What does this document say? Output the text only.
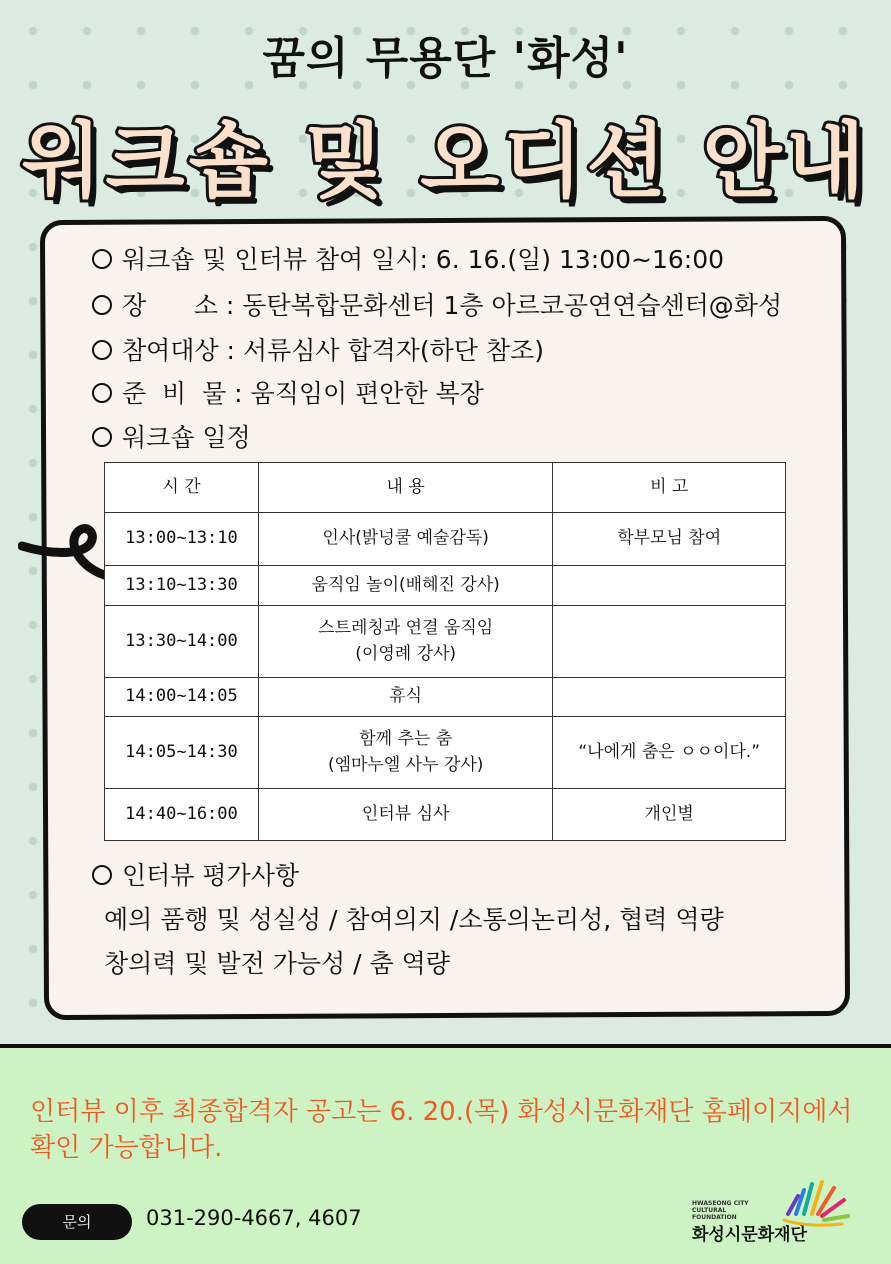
꿈의 무용단 '화성'
워크숍 및 오디션 안내
워크숍 및 인터뷰 참여 일시: 6. 16.(일) 13:00~16:00
장      소 : 동탄복합문화센터 1층 아르코공연연습센터@화성
참여대상 : 서류심사 합격자(하단 참조)
준  비  물 : 움직임이 편안한 복장
워크숍 일정
시 간	내 용	비 고
13:00~13:10	인사(밝넝쿨 예술감독)	학부모님 참여
13:10~13:30	움직임 놀이(배혜진 강사)	
13:30~14:00	스트레칭과 연결 움직임
(이영례 강사)	
14:00~14:05	휴식	
14:05~14:30	함께 추는 춤
(엠마누엘 사누 강사)	“나에게 춤은 ㅇㅇ이다.”
14:40~16:00	인터뷰 심사	개인별
인터뷰 평가사항
예의 품행 및 성실성 / 참여의지 /소통의논리성, 협력 역량
창의력 및 발전 가능성 / 춤 역량
인터뷰 이후 최종합격자 공고는 6. 20.(목) 화성시문화재단 홈페이지에서 확인 가능합니다.
문의	031-290-4667, 4607
HWASEONG CITY CULTURAL FOUNDATION
화성시문화재단
